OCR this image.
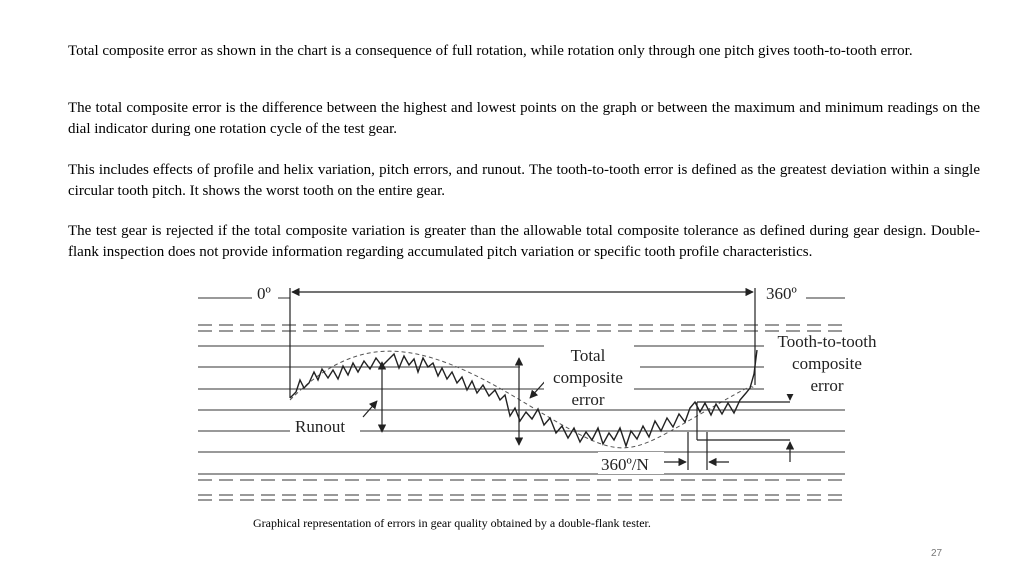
Total composite error as shown in the chart is a consequence of full rotation, while rotation only through one pitch gives tooth-to-tooth error.

The total composite error is the difference between the highest and lowest points on the graph or between the maximum and minimum readings on the dial indicator during one rotation cycle of the test gear.

This includes effects of profile and helix variation, pitch errors, and runout. The tooth-to-tooth error is defined as the greatest deviation within a single circular tooth pitch. It shows the worst tooth on the entire gear.

The test gear is rejected if the total composite variation is greater than the allowable total composite tolerance as defined during gear design. Double-flank inspection does not provide information regarding accumulated pitch variation or specific tooth profile characteristics.

0º	360º
Total
composite
error
Tooth-to-tooth
composite
error
Runout
360º/N
Graphical representation of errors in gear quality obtained by a double-flank tester.
27
